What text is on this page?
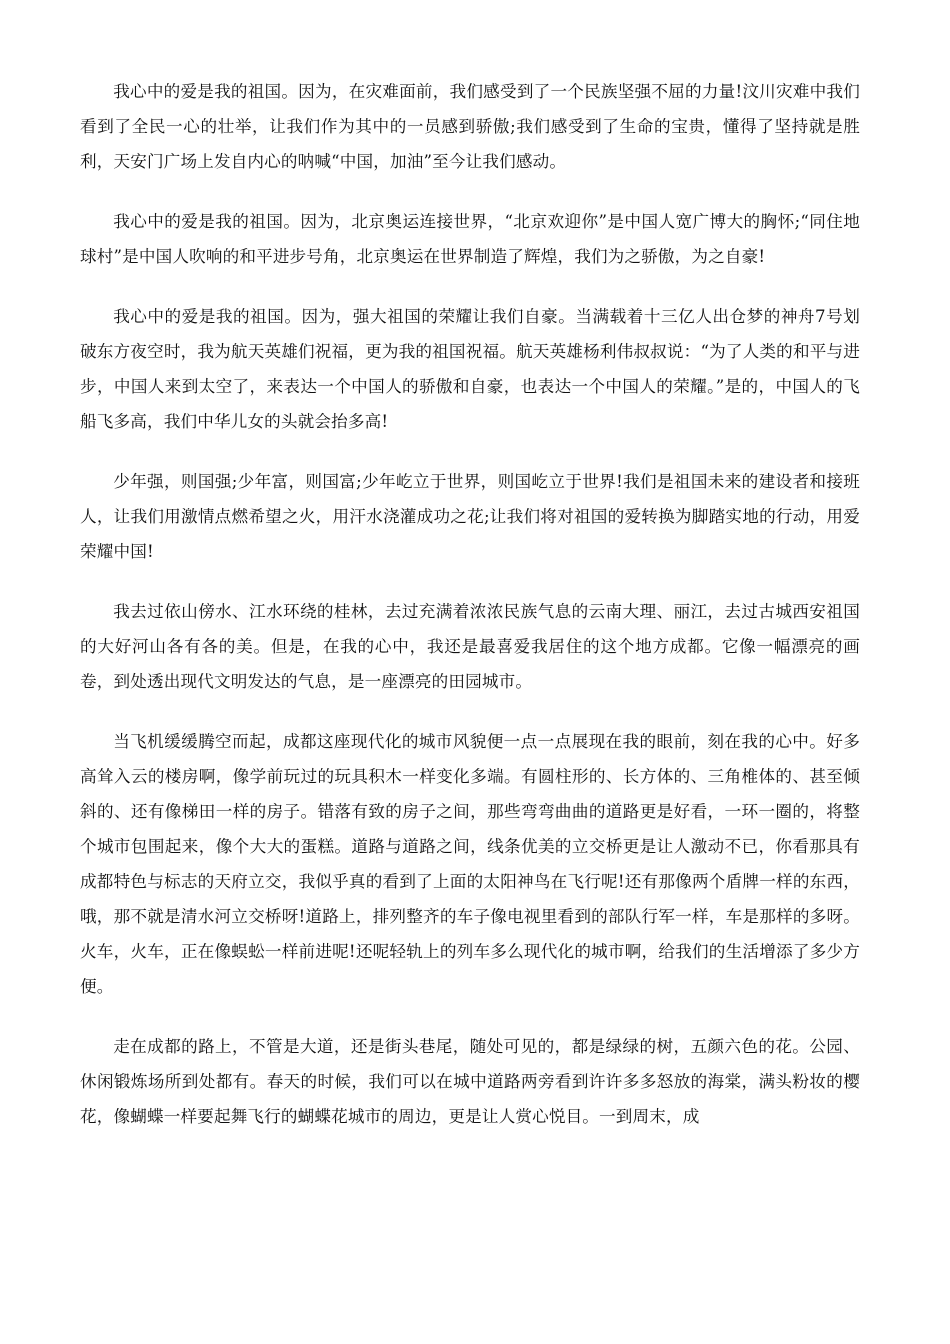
我心中的爱是我的祖国。因为，在灾难面前，我们感受到了一个民族坚强不屈的力量!汶川灾难中我们看到了全民一心的壮举，让我们作为其中的一员感到骄傲;我们感受到了生命的宝贵，懂得了坚持就是胜利，天安门广场上发自内心的呐喊“中国，加油”至今让我们感动。

我心中的爱是我的祖国。因为，北京奥运连接世界，“北京欢迎你”是中国人宽广博大的胸怀;“同住地球村”是中国人吹响的和平进步号角，北京奥运在世界制造了辉煌，我们为之骄傲，为之自豪!

我心中的爱是我的祖国。因为，强大祖国的荣耀让我们自豪。当满载着十三亿人出仓梦的神舟7号划破东方夜空时，我为航天英雄们祝福，更为我的祖国祝福。航天英雄杨利伟叔叔说：“为了人类的和平与进步，中国人来到太空了，来表达一个中国人的骄傲和自豪，也表达一个中国人的荣耀。”是的，中国人的飞船飞多高，我们中华儿女的头就会抬多高!

少年强，则国强;少年富，则国富;少年屹立于世界，则国屹立于世界!我们是祖国未来的建设者和接班人，让我们用激情点燃希望之火，用汗水浇灌成功之花;让我们将对祖国的爱转换为脚踏实地的行动，用爱荣耀中国!

我去过依山傍水、江水环绕的桂林，去过充满着浓浓民族气息的云南大理、丽江，去过古城西安祖国的大好河山各有各的美。但是，在我的心中，我还是最喜爱我居住的这个地方成都。它像一幅漂亮的画卷，到处透出现代文明发达的气息，是一座漂亮的田园城市。

当飞机缓缓腾空而起，成都这座现代化的城市风貌便一点一点展现在我的眼前，刻在我的心中。好多高耸入云的楼房啊，像学前玩过的玩具积木一样变化多端。有圆柱形的、长方体的、三角椎体的、甚至倾斜的、还有像梯田一样的房子。错落有致的房子之间，那些弯弯曲曲的道路更是好看，一环一圈的，将整个城市包围起来，像个大大的蛋糕。道路与道路之间，线条优美的立交桥更是让人激动不已，你看那具有成都特色与标志的天府立交，我似乎真的看到了上面的太阳神鸟在飞行呢!还有那像两个盾牌一样的东西，哦，那不就是清水河立交桥呀!道路上，排列整齐的车子像电视里看到的部队行军一样，车是那样的多呀。火车，火车，正在像蜈蚣一样前进呢!还呢轻轨上的列车多么现代化的城市啊，给我们的生活增添了多少方便。

走在成都的路上，不管是大道，还是街头巷尾，随处可见的，都是绿绿的树，五颜六色的花。公园、休闲锻炼场所到处都有。春天的时候，我们可以在城中道路两旁看到许许多多怒放的海棠，满头粉妆的樱花，像蝴蝶一样要起舞飞行的蝴蝶花城市的周边，更是让人赏心悦目。一到周末，成
